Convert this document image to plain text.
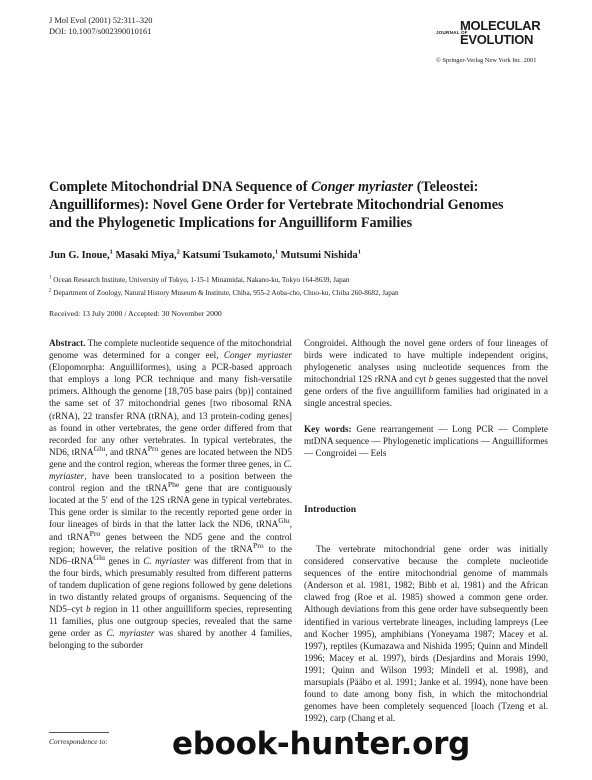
J Mol Evol (2001) 52:311–320
DOI: 10.1007/s002390010161	JOURNAL OF
MOLECULAR
EVOLUTION
© Springer-Verlag New York Inc. 2001
Complete Mitochondrial DNA Sequence of Conger myriaster (Teleostei:
Anguilliformes): Novel Gene Order for Vertebrate Mitochondrial Genomes
and the Phylogenetic Implications for Anguilliform Families
Jun G. Inoue,$^1$ Masaki Miya,$^2$ Katsumi Tsukamoto,$^1$ Mutsumi Nishida$^1$
$^1$ Ocean Research Institute, University of Tokyo, 1-15-1 Minamidai, Nakano-ku, Tokyo 164-8639, Japan
$^2$ Department of Zoology, Natural History Museum & Institute, Chiba, 955-2 Aoba-cho, Chuo-ku, Chiba 260-8682, Japan
Received: 13 July 2000 / Accepted: 30 November 2000
Abstract. The complete nucleotide sequence of the mitochondrial genome was determined for a conger eel, Conger myriaster (Elopomorpha: Anguilliformes), using a PCR-based approach that employs a long PCR technique and many fish-versatile primers. Although the genome [18,705 base pairs (bp)] contained the same set of 37 mitochondrial genes [two ribosomal RNA (rRNA), 22 transfer RNA (tRNA), and 13 protein-coding genes] as found in other vertebrates, the gene order differed from that recorded for any other vertebrates. In typical vertebrates, the ND6, tRNA$^{Glu}$, and tRNA$^{Pro}$ genes are located between the ND5 gene and the control region, whereas the former three genes, in C. myriaster, have been translocated to a position between the control region and the tRNA$^{Phe}$ gene that are contiguously located at the 5′ end of the 12S rRNA gene in typical vertebrates. This gene order is similar to the recently reported gene order in four lineages of birds in that the latter lack the ND6, tRNA$^{Glu}$, and tRNA$^{Pro}$ genes between the ND5 gene and the control region; however, the relative position of the tRNA$^{Pro}$ to the ND6–tRNA$^{Glu}$ genes in C. myriaster was different from that in the four birds, which presumably resulted from different patterns of tandem duplication of gene regions followed by gene deletions in two distantly related groups of organisms. Sequencing of the ND5–cyt b region in 11 other anguilliform species, representing 11 families, plus one outgroup species, revealed that the same gene order as C. myriaster was shared by another 4 families, belonging to the suborder
Congroidei. Although the novel gene orders of four lineages of birds were indicated to have multiple independent origins, phylogenetic analyses using nucleotide sequences from the mitochondrial 12S rRNA and cyt b genes suggested that the novel gene orders of the five anguilliform families had originated in a single ancestral species.
Key words: Gene rearrangement — Long PCR — Complete mtDNA sequence — Phylogenetic implications — Anguilliformes — Congroidei — Eels
Introduction
The vertebrate mitochondrial gene order was initially considered conservative because the complete nucleotide sequences of the entire mitochondrial genome of mammals (Anderson et al. 1981, 1982; Bibb et al. 1981) and the African clawed frog (Roe et al. 1985) showed a common gene order. Although deviations from this gene order have subsequently been identified in various vertebrate lineages, including lampreys (Lee and Kocher 1995), amphibians (Yoneyama 1987; Macey et al. 1997), reptiles (Kumazawa and Nishida 1995; Quinn and Mindell 1996; Macey et al. 1997), birds (Desjardins and Morais 1990, 1991; Quinn and Wilson 1993; Mindell et al. 1998), and marsupials (Pääbo et al. 1991; Janke et al. 1994), none have been found to date among bony fish, in which the mitochondrial genomes have been completely sequenced [loach (Tzeng et al. 1992), carp (Chang et al.
Correspondence to: ebook-hunter.org
